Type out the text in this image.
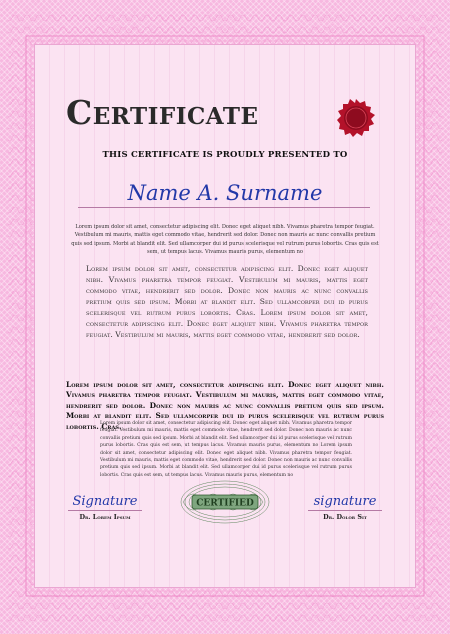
Certificate
THIS CERTIFICATE IS PROUDLY PRESENTED TO
Name A. Surname
Lorem ipsum dolor sit amet, consectetur adipiscing elit. Donec eget aliquet nibh. Vivamus pharetra tempor feugiat. Vestibulum mi mauris, mattis eget commodo vitae, hendrerit sed dolor. Donec non mauris ac nunc convallis pretium quis sed ipsum. Morbi at blandit elit. Sed ullamcorper dui id purus scelerisque vel rutrum purus lobortis. Cras quis est sem, ut tempus lacus. Vivamus mauris purus, elementum no
Lorem ipsum dolor sit amet, consectetur adipiscing elit. Donec eget aliquet nibh. Vivamus pharetra tempor feugiat. Vestibulum mi mauris, mattis eget commodo vitae, hendrerit sed dolor. Donec non mauris ac nunc convallis pretium quis sed ipsum. Morbi at blandit elit. Sed ullamcorper dui id purus scelerisque vel rutrum purus lobortis. Cras. Lorem ipsum dolor sit amet, consectetur adipiscing elit. Donec eget aliquet nibh. Vivamus pharetra tempor feugiat. Vestibulum mi mauris, mattis eget commodo vitae, hendrerit sed dolor.
Lorem ipsum dolor sit amet, consectetur adipiscing elit. Donec eget aliquet nibh. Vivamus pharetra tempor feugiat. Vestibulum mi mauris, mattis eget commodo vitae, hendrerit sed dolor. Donec non mauris ac nunc convallis pretium quis sed ipsum. Morbi at blandit elit. Sed ullamcorper dui id purus scelerisque vel rutrum purus lobortis. Cras.
Lorem ipsum dolor sit amet, consectetur adipiscing elit. Donec eget aliquet nibh. Vivamus pharetra tempor feugiat. Vestibulum mi mauris, mattis eget commodo vitae, hendrerit sed dolor. Donec non mauris ac nunc convallis pretium quis sed ipsum. Morbi at blandit elit. Sed ullamcorper dui id purus scelerisque vel rutrum purus lobortis. Cras quis est sem, ut tempus lacus. Vivamus mauris purus, elementum no Lorem ipsum dolor sit amet, consectetur adipiscing elit. Donec eget aliquet nibh. Vivamus pharetra tempor feugiat. Vestibulum mi mauris, mattis eget commodo vitae, hendrerit sed dolor. Donec non mauris ac nunc convallis pretium quis sed ipsum. Morbi at blandit elit. Sed ullamcorper dui id purus scelerisque vel rutrum purus lobortis. Cras quis est sem, ut tempus lacus. Vivamus mauris purus, elementum no
Signature
Dr. Lorem Ipsum
CERTIFIED	signature
Dr. Dolor Sit
